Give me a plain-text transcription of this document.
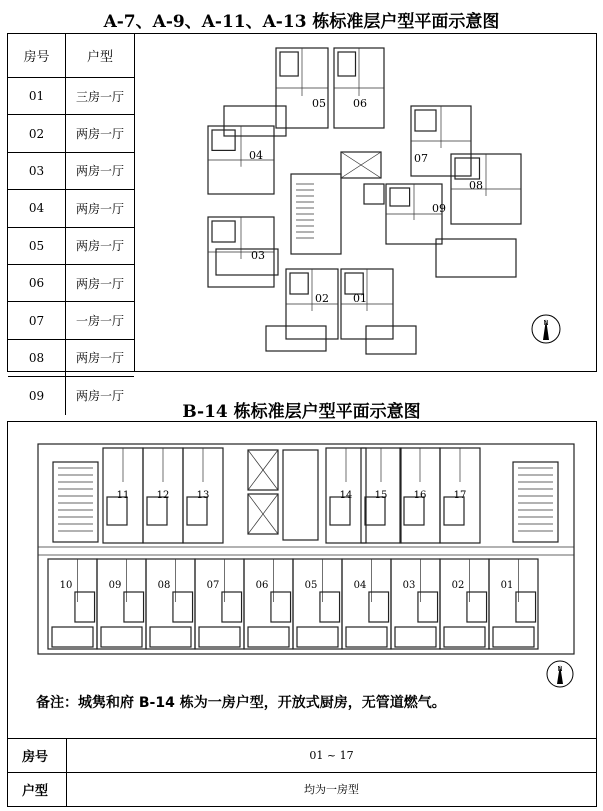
A-7、A-9、A-11、A-13 栋标准层户型平面示意图
房号	户型
01	三房一厅
02	两房一厅
03	两房一厅
04	两房一厅
05	两房一厅
06	两房一厅
07	一房一厅
08	两房一厅
09	两房一厅
05 06
04	07
08
09
03
02 01
N
B-14 栋标准层户型平面示意图
11	12	13	14 15	16	17
10	09	08	07	06	05	04	03	02	01
N
备注：城隽和府 B-14 栋为一房户型，开放式厨房，无管道燃气。
房号	01 ~ 17
户型	均为一房型
